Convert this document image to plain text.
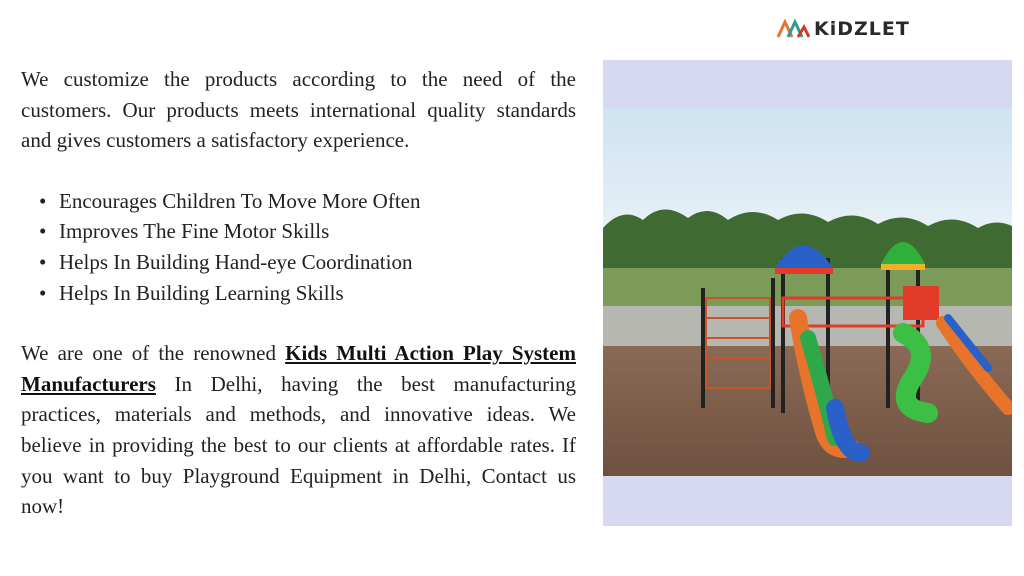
KiDZLET

We customize the products according to the need of the customers. Our products meets international quality standards and gives customers a satisfactory experience.

• Encourages Children To Move More Often
• Improves The Fine Motor Skills
• Helps In Building Hand-eye Coordination
• Helps In Building Learning Skills

We are one of the renowned Kids Multi Action Play System Manufacturers In Delhi, having the best manufacturing practices, materials and methods, and innovative ideas. We believe in providing the best to our clients at affordable rates. If you want to buy Playground Equipment in Delhi, Contact us now!
